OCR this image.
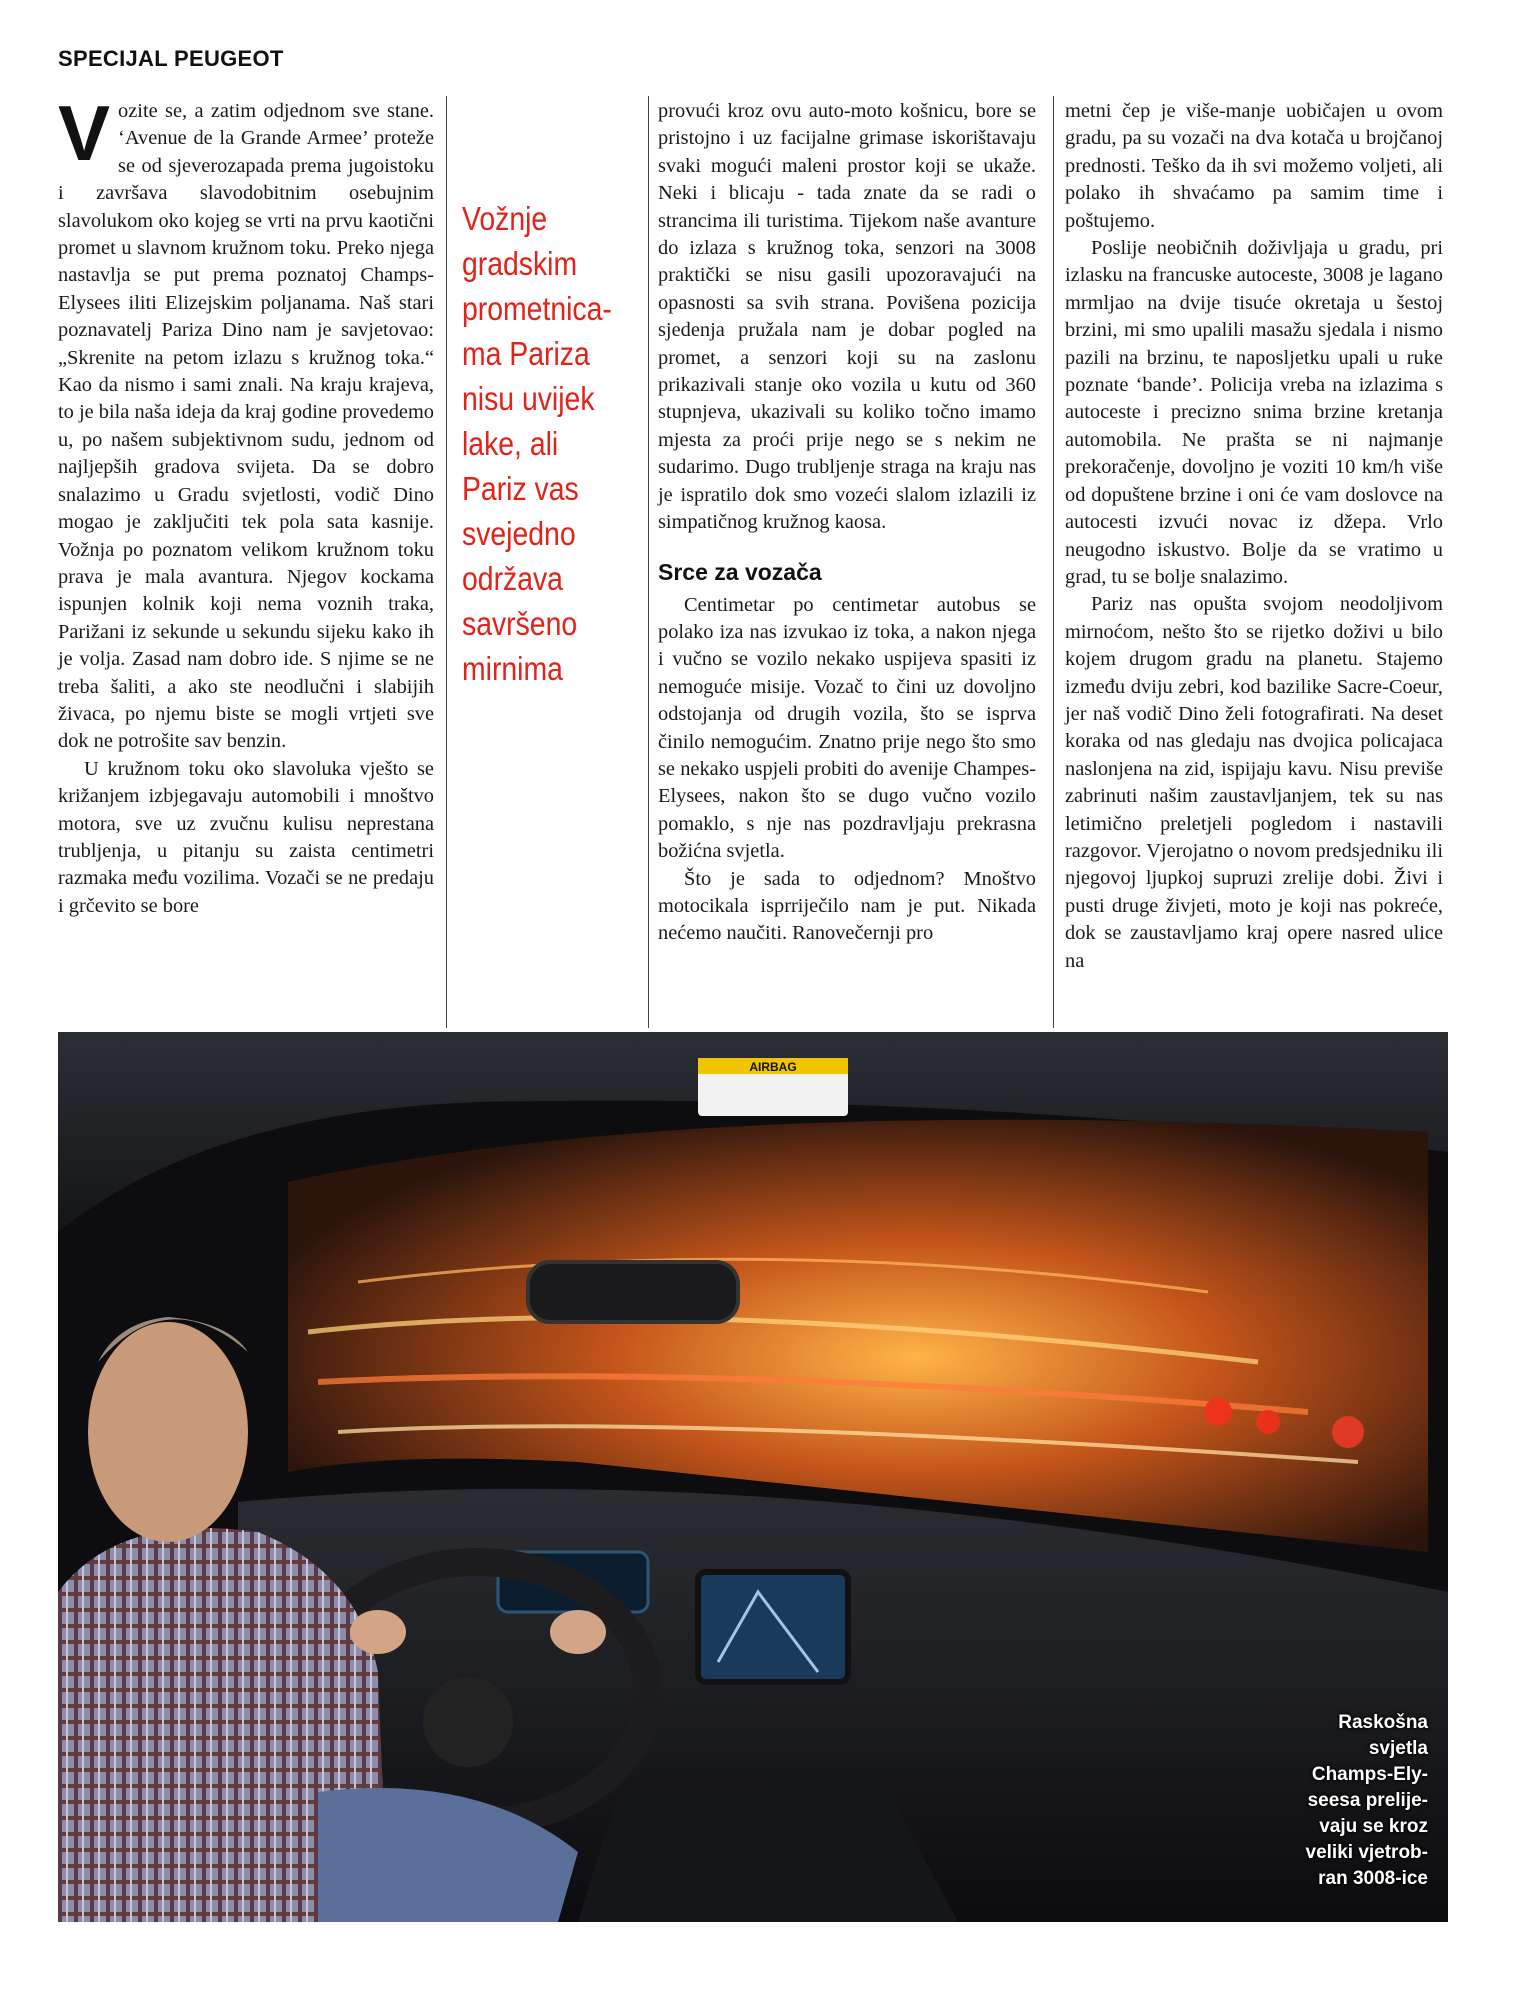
SPECIJAL PEUGEOT
V ozite se, a zatim odjednom sve stane. ‘Avenue de la Grande Armee’ proteže se od sjeverozapada prema jugoistoku i završava slavodobitnim osebujnim slavolukom oko kojeg se vrti na prvu kaotični promet u slavnom kružnom toku. Preko njega nastavlja se put prema poznatoj Champs-Elysees iliti Elizejskim poljanama. Naš stari poznavatelj Pariza Dino nam je savjetovao: „Skrenite na petom izlazu s kružnog toka.“ Kao da nismo i sami znali. Na kraju krajeva, to je bila naša ideja da kraj godine provedemo u, po našem subjektivnom sudu, jednom od najljepših gradova svijeta. Da se dobro snalazimo u Gradu svjetlosti, vodič Dino mogao je zaključiti tek pola sata kasnije. Vožnja po poznatom velikom kružnom toku prava je mala avantura. Njegov kockama ispunjen kolnik koji nema voznih traka, Parižani iz sekunde u sekundu sijeku kako ih je volja. Zasad nam dobro ide. S njime se ne treba šaliti, a ako ste neodlučni i slabijih živaca, po njemu biste se mogli vrtjeti sve dok ne potrošite sav benzin.

U kružnom toku oko slavoluka vješto se križanjem izbjegavaju automobili i mnoštvo motora, sve uz zvučnu kulisu neprestana trubljenja, u pitanju su zaista centimetri razmaka među vozilima. Vozači se ne predaju i grčevito se bore

Vožnje
gradskim
prometnica-
ma Pariza
nisu uvijek
lake, ali
Pariz vas
svejedno
održava
savršeno
mirnima

provući kroz ovu auto-moto košnicu, bore se pristojno i uz facijalne grimase iskorištavaju svaki mogući maleni prostor koji se ukaže. Neki i blicaju - tada znate da se radi o strancima ili turistima. Tijekom naše avanture do izlaza s kružnog toka, senzori na 3008 praktički se nisu gasili upozoravajući na opasnosti sa svih strana. Povišena pozicija sjedenja pružala nam je dobar pogled na promet, a senzori koji su na zaslonu prikazivali stanje oko vozila u kutu od 360 stupnjeva, ukazivali su koliko točno imamo mjesta za proći prije nego se s nekim ne sudarimo. Dugo trubljenje straga na kraju nas je ispratilo dok smo vozeći slalom izlazili iz simpatičnog kružnog kaosa.

Srce za vozača

Centimetar po centimetar autobus se polako iza nas izvukao iz toka, a nakon njega i vučno se vozilo nekako uspijeva spasiti iz nemoguće misije. Vozač to čini uz dovoljno odstojanja od drugih vozila, što se isprva činilo nemogućim. Znatno prije nego što smo se nekako uspjeli probiti do avenije Champes-Elysees, nakon što se dugo vučno vozilo pomaklo, s nje nas pozdravljaju prekrasna božićna svjetla.

Što je sada to odjednom? Mnoštvo motocikala isprriječilo nam je put. Nikada nećemo naučiti. Ranovečernji pro

metni čep je više-manje uobičajen u ovom gradu, pa su vozači na dva kotača u brojčanoj prednosti. Teško da ih svi možemo voljeti, ali polako ih shvaćamo pa samim time i poštujemo.

Poslije neobičnih doživljaja u gradu, pri izlasku na francuske autoceste, 3008 je lagano mrmljao na dvije tisuće okretaja u šestoj brzini, mi smo upalili masažu sjedala i nismo pazili na brzinu, te naposljetku upali u ruke poznate ‘bande’. Policija vreba na izlazima s autoceste i precizno snima brzine kretanja automobila. Ne prašta se ni najmanje prekoračenje, dovoljno je voziti 10 km/h više od dopuštene brzine i oni će vam doslovce na autocesti izvući novac iz džepa. Vrlo neugodno iskustvo. Bolje da se vratimo u grad, tu se bolje snalazimo.

Pariz nas opušta svojom neodoljivom mirnoćom, nešto što se rijetko doživi u bilo kojem drugom gradu na planetu. Stajemo između dviju zebri, kod bazilike Sacre-Coeur, jer naš vodič Dino želi fotografirati. Na deset koraka od nas gledaju nas dvojica policajaca naslonjena na zid, ispijaju kavu. Nisu previše zabrinuti našim zaustavljanjem, tek su nas letimično preletjeli pogledom i nastavili razgovor. Vjerojatno o novom predsjedniku ili njegovoj ljupkoj supruzi zrelije dobi. Živi i pusti druge živjeti, moto je koji nas pokreće, dok se zaustavljamo kraj opere nasred ulice na

AIRBAG
Raskošna
svjetla
Champs-Ely-
seesa prelije-
vaju se kroz
veliki vjetrob-
ran 3008-ice
